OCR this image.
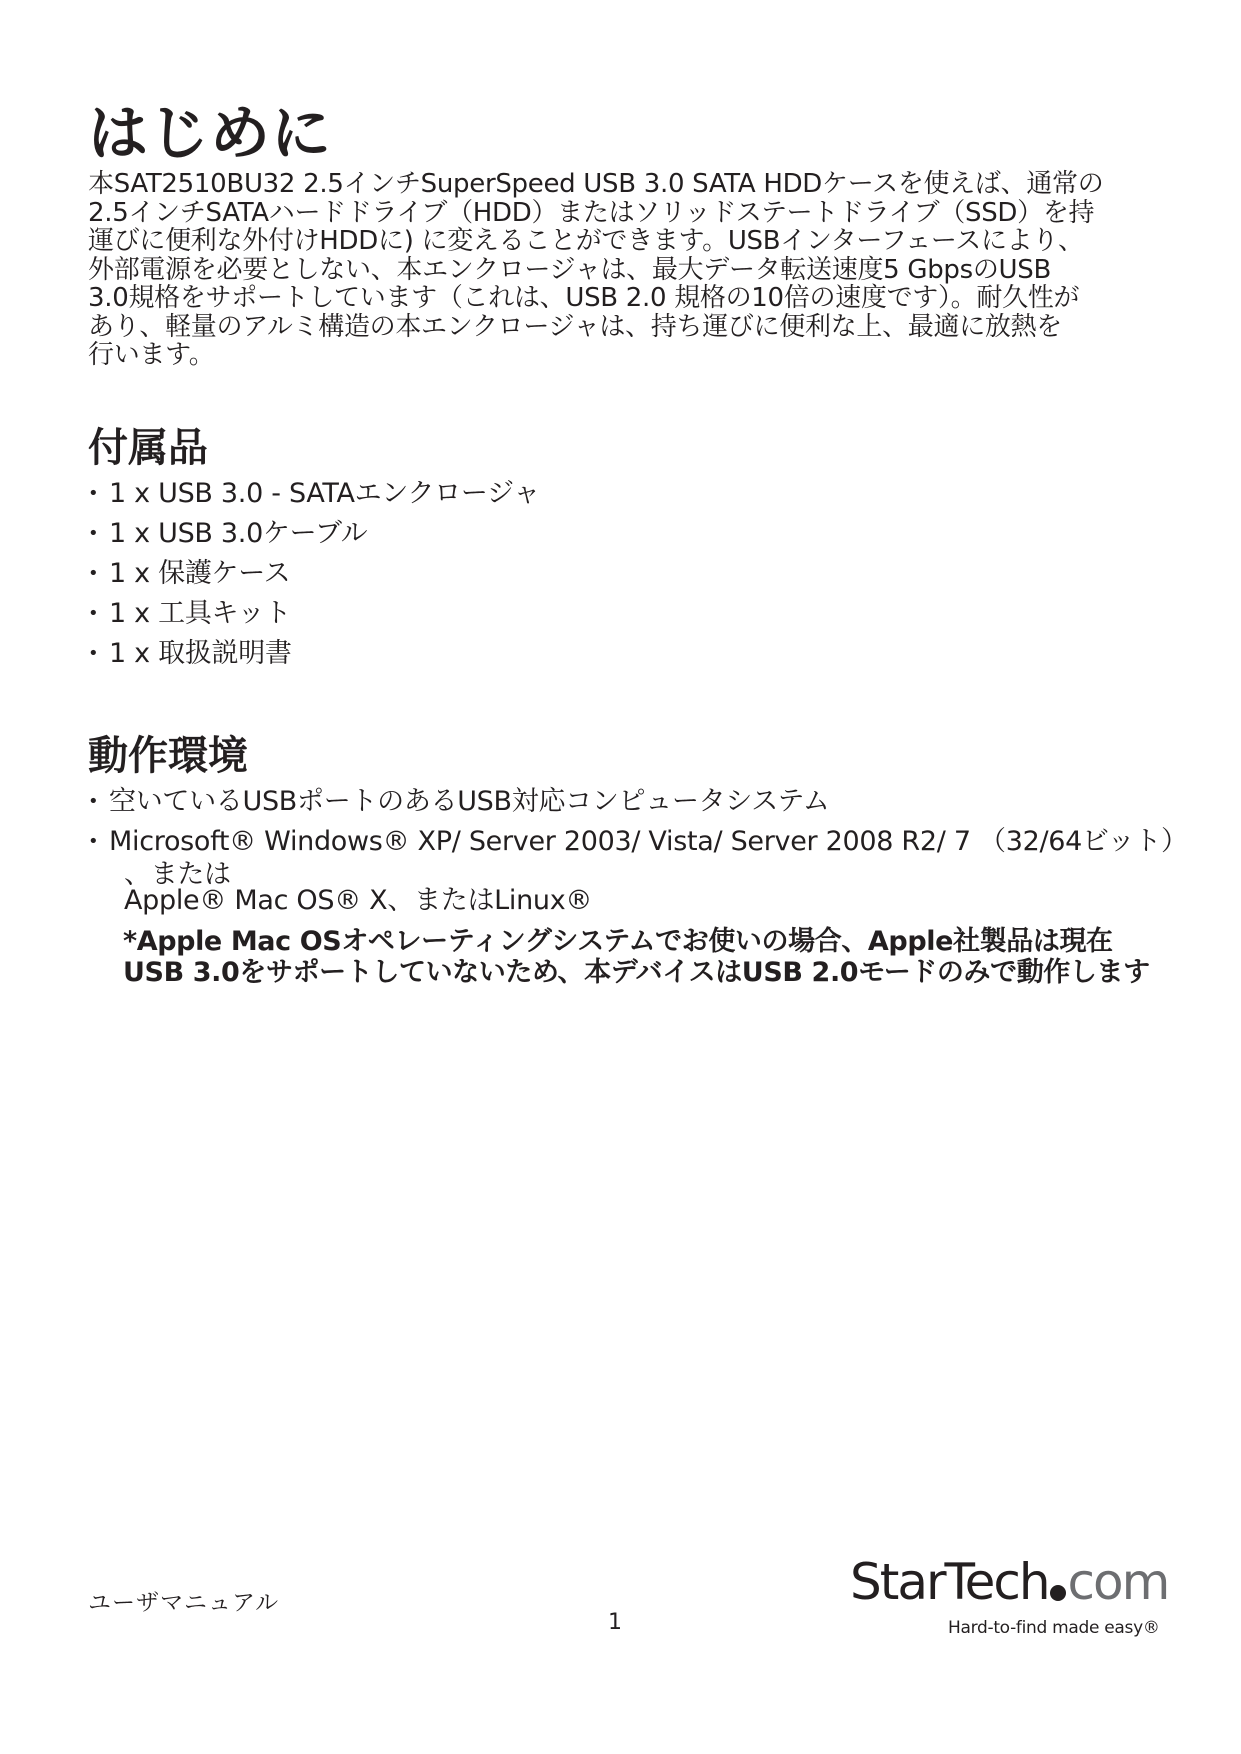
はじめに

本SAT2510BU32 2.5インチSuperSpeed USB 3.0 SATA HDDケースを使えば、通常の
2.5インチSATAハードドライブ（HDD）またはソリッドステートドライブ（SSD）を持
運びに便利な外付けHDDに) に変えることができます。USBインターフェースにより、
外部電源を必要としない、本エンクロージャは、最大データ転送速度5 GbpsのUSB
3.0規格をサポートしています（これは、USB 2.0 規格の10倍の速度です）。耐久性が
あり、軽量のアルミ構造の本エンクロージャは、持ち運びに便利な上、最適に放熱を
行います。

付属品
• 1 x USB 3.0 - SATAエンクロージャ
• 1 x USB 3.0ケーブル
• 1 x 保護ケース
• 1 x 工具キット
• 1 x 取扱説明書
動作環境
• 空いているUSBポートのあるUSB対応コンピュータシステム
• Microsoft® Windows® XP/ Server 2003/ Vista/ Server 2008 R2/ 7 （32/64ビット）
、または
Apple® Mac OS® X、またはLinux®

*Apple Mac OSオペレーティングシステムでお使いの場合、Apple社製品は現在
USB 3.0をサポートしていないため、本デバイスはUSB 2.0モードのみで動作します

ユーザマニュアル
1
StarTech com
Hard-to-find made easy®
